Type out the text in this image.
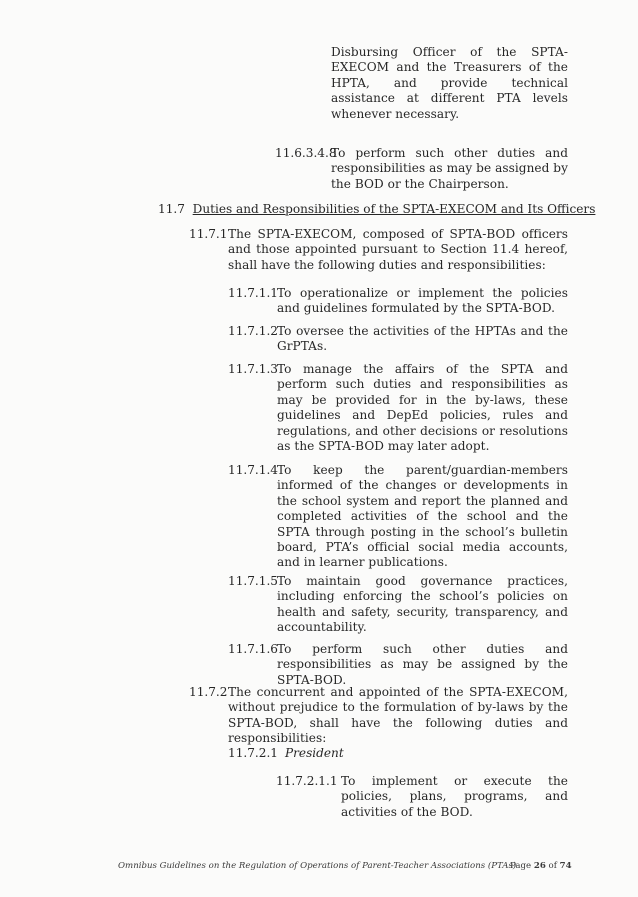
Disbursing Officer of the SPTA-EXECOM and the Treasurers of the HPTA, and provide technical assistance at different PTA levels whenever necessary.
11.6.3.4.8
To perform such other duties and responsibilities as may be assigned by the BOD or the Chairperson.
11.7 Duties and Responsibilities of the SPTA-EXECOM and Its Officers
11.7.1 The SPTA-EXECOM, composed of SPTA-BOD officers and those appointed pursuant to Section 11.4 hereof, shall have the following duties and responsibilities:
11.7.1.1
To operationalize or implement the policies and guidelines formulated by the SPTA-BOD.
11.7.1.2
To oversee the activities of the HPTAs and the GrPTAs.
11.7.1.3
To manage the affairs of the SPTA and perform such duties and responsibilities as may be provided for in the by-laws, these guidelines and DepEd policies, rules and regulations, and other decisions or resolutions as the SPTA-BOD may later adopt.
11.7.1.4
To keep the parent/guardian-members informed of the changes or developments in the school system and report the planned and completed activities of the school and the SPTA through posting in the school’s bulletin board, PTA’s official social media accounts, and in learner publications.
11.7.1.5
To maintain good governance practices, including enforcing the school’s policies on health and safety, security, transparency, and accountability.
11.7.1.6
To perform such other duties and responsibilities as may be assigned by the SPTA-BOD.
11.7.2 The concurrent and appointed of the SPTA-EXECOM, without prejudice to the formulation of by-laws by the SPTA-BOD, shall have the following duties and responsibilities:
11.7.2.1 President
11.7.2.1.1 To implement or execute the policies, plans, programs, and activities of the BOD.
Omnibus Guidelines on the Regulation of Operations of Parent-Teacher Associations (PTAs)
Page 26 of 74
